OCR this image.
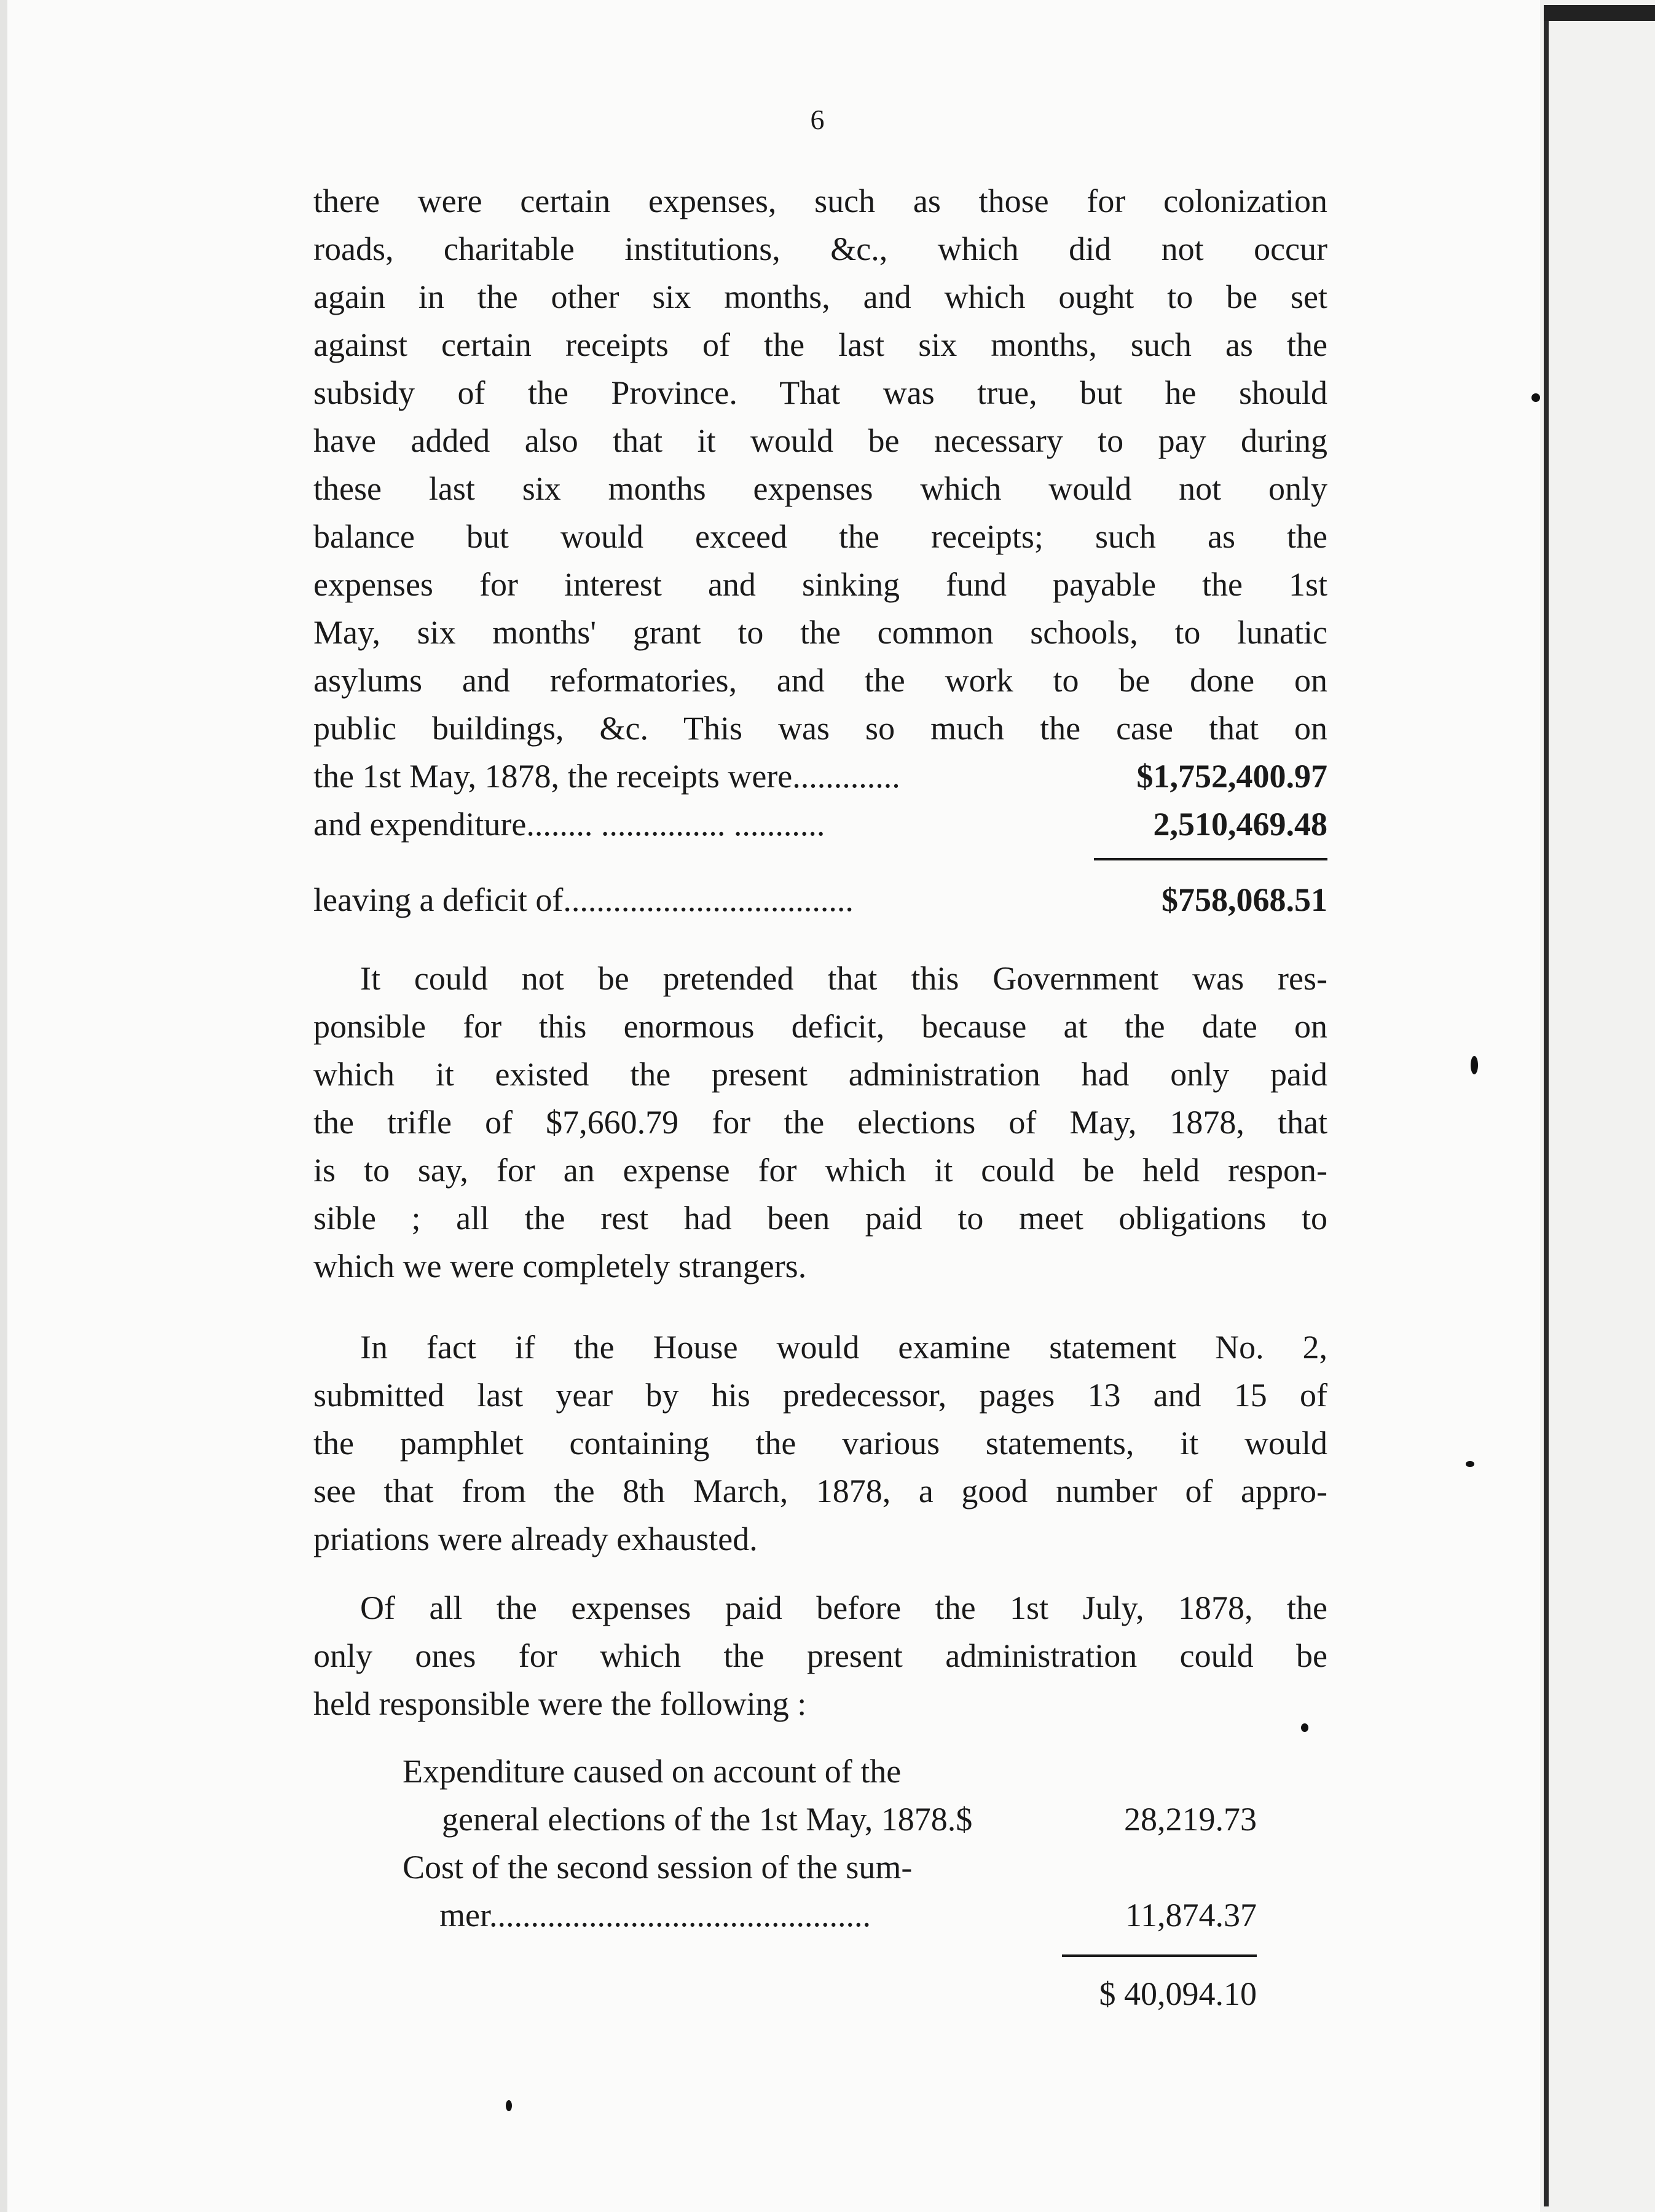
6
there were certain expenses, such as those for colonization
roads, charitable institutions, &c., which did not occur
again in the other six months, and which ought to be set
against certain receipts of the last six months, such as the
subsidy of the Province. That was true, but he should
have added also that it would be necessary to pay during
these last six months expenses which would not only
balance but would exceed the receipts; such as the
expenses for interest and sinking fund payable the 1st
May, six months' grant to the common schools, to lunatic
asylums and reformatories, and the work to be done on
public buildings, &c. This was so much the case that on
the 1st May, 1878, the receipts were.............	$1,752,400.97
and expenditure........ ............... ...........	2,510,469.48
leaving a deficit of...................................	$758,068.51
It could not be pretended that this Government was res-
ponsible for this enormous deficit, because at the date on
which it existed the present administration had only paid
the trifle of $7,660.79 for the elections of May, 1878, that
is to say, for an expense for which it could be held respon-
sible ; all the rest had been paid to meet obligations to
which we were completely strangers.
In fact if the House would examine statement No. 2,
submitted last year by his predecessor, pages 13 and 15 of
the pamphlet containing the various statements, it would
see that from the 8th March, 1878, a good number of appro-
priations were already exhausted.
Of all the expenses paid before the 1st July, 1878, the
only ones for which the present administration could be
held responsible were the following :
Expenditure caused on account of the
general elections of the 1st May, 1878.$	28,219.73
Cost of the second session of the sum-
mer..............................................	11,874.37
$ 40,094.10
